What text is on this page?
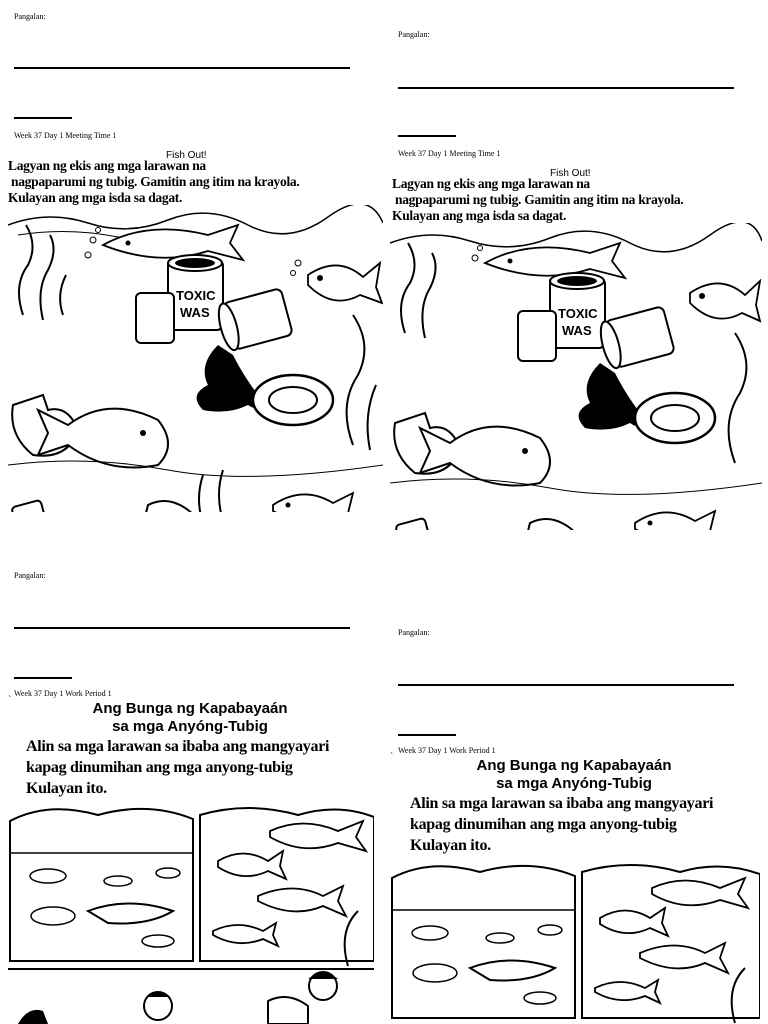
Pangalan:
Week 37 Day 1 Meeting Time 1
Fish Out!
Lagyan ng ekis ang mga larawan na
nagpaparumi ng tubig. Gamitin ang itim na krayola.
Kulayan ang mga isda sa dagat.
TOXIC
WAS
Pangalan:
Week 37 Day 1 Meeting Time 1
Fish Out!
Lagyan ng ekis ang mga larawan na
nagpaparumi ng tubig. Gamitin ang itim na krayola.
Kulayan ang mga isda sa dagat.
TOXIC
WAS
Pangalan:
Week 37 Day 1 Work Period 1
`	Ang Bunga ng Kapabayaán
sa mga Anyóng-Tubig
Alin sa mga larawan sa ibaba ang mangyayari
kapag dinumihan ang mga anyong-tubig
Kulayan ito.
Pangalan:
Week 37 Day 1 Work Period 1
`	Ang Bunga ng Kapabayaán
sa mga Anyóng-Tubig
Alin sa mga larawan sa ibaba ang mangyayari
kapag dinumihan ang mga anyong-tubig
Kulayan ito.
